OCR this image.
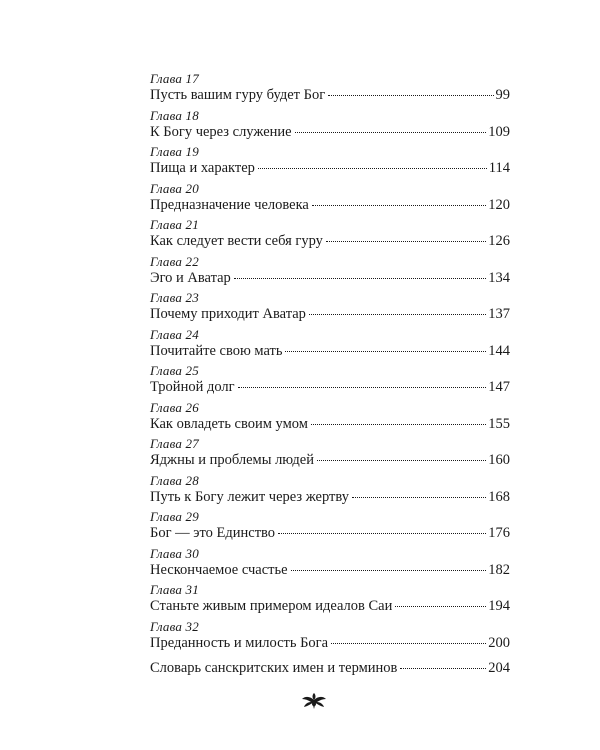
Глава 17
Пусть вашим гуру будет Бог	99
Глава 18
К Богу через служение	109
Глава 19
Пища и характер	114
Глава 20
Предназначение человека	120
Глава 21
Как следует вести себя гуру	126
Глава 22
Эго и Аватар	134
Глава 23
Почему приходит Аватар	137
Глава 24
Почитайте свою мать	144
Глава 25
Тройной долг	147
Глава 26
Как овладеть своим умом	155
Глава 27
Яджны и проблемы людей	160
Глава 28
Путь к Богу лежит через жертву	168
Глава 29
Бог — это Единство	176
Глава 30
Нескончаемое счастье	182
Глава 31
Станьте живым примером идеалов Саи	194
Глава 32
Преданность и милость Бога	200
Словарь санскритских имен и терминов	204
